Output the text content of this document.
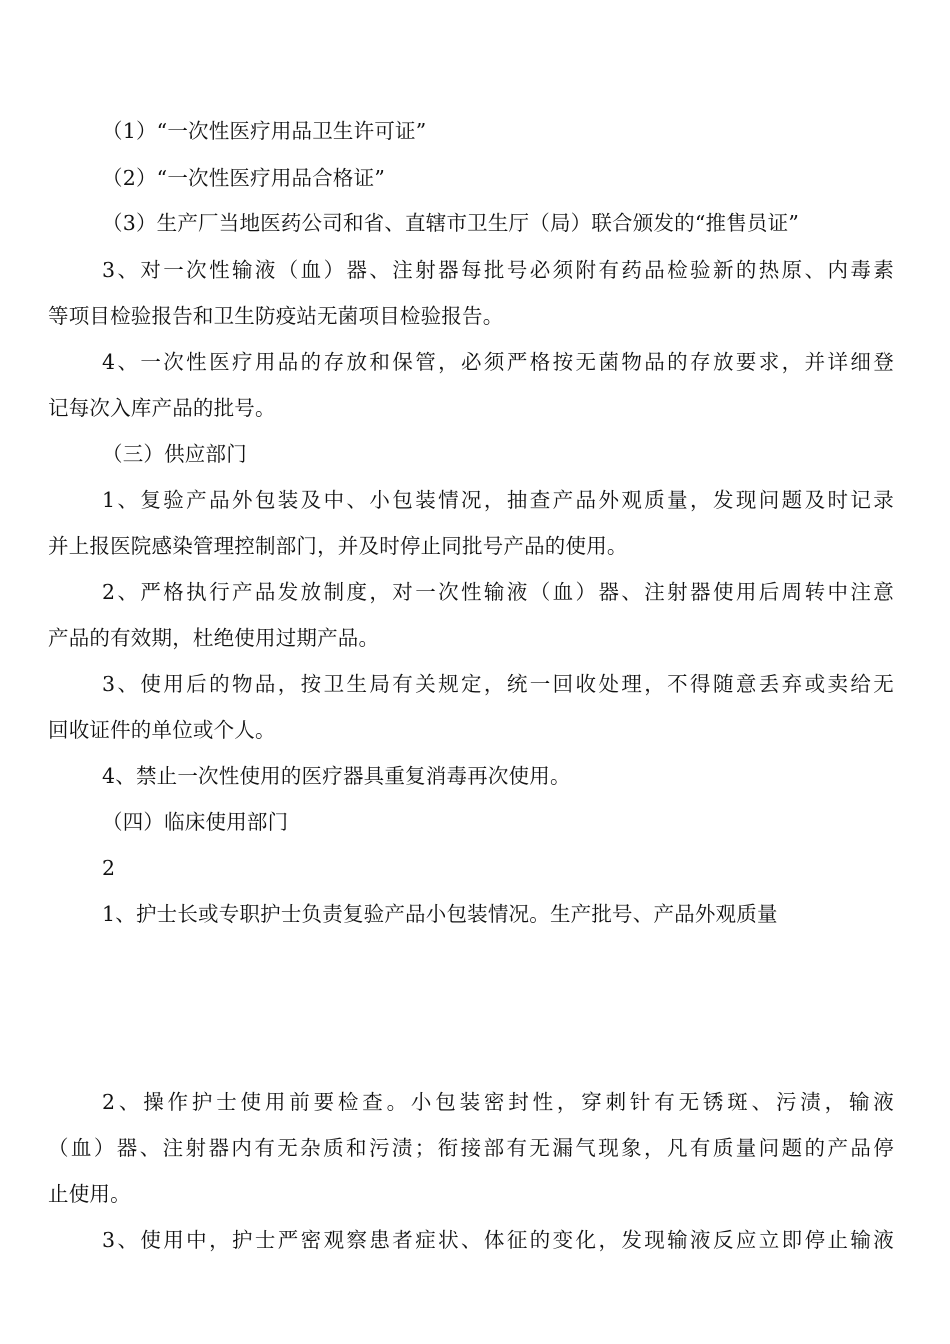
（1）“一次性医疗用品卫生许可证”
（2）“一次性医疗用品合格证”
（3）生产厂当地医药公司和省、直辖市卫生厅（局）联合颁发的“推售员证”
3、对一次性输液（血）器、注射器每批号必须附有药品检验新的热原、内毒素
等项目检验报告和卫生防疫站无菌项目检验报告。
4、一次性医疗用品的存放和保管，必须严格按无菌物品的存放要求，并详细登
记每次入库产品的批号。
（三）供应部门
1、复验产品外包装及中、小包装情况，抽查产品外观质量，发现问题及时记录
并上报医院感染管理控制部门，并及时停止同批号产品的使用。
2、严格执行产品发放制度，对一次性输液（血）器、注射器使用后周转中注意
产品的有效期，杜绝使用过期产品。
3、使用后的物品，按卫生局有关规定，统一回收处理，不得随意丢弃或卖给无
回收证件的单位或个人。
4、禁止一次性使用的医疗器具重复消毒再次使用。
（四）临床使用部门
2
1、护士长或专职护士负责复验产品小包装情况。生产批号、产品外观质量
2、操作护士使用前要检查。小包装密封性，穿刺针有无锈斑、污渍，输液
（血）器、注射器内有无杂质和污渍；衔接部有无漏气现象，凡有质量问题的产品停
止使用。
3、使用中，护士严密观察患者症状、体征的变化，发现输液反应立即停止输液
